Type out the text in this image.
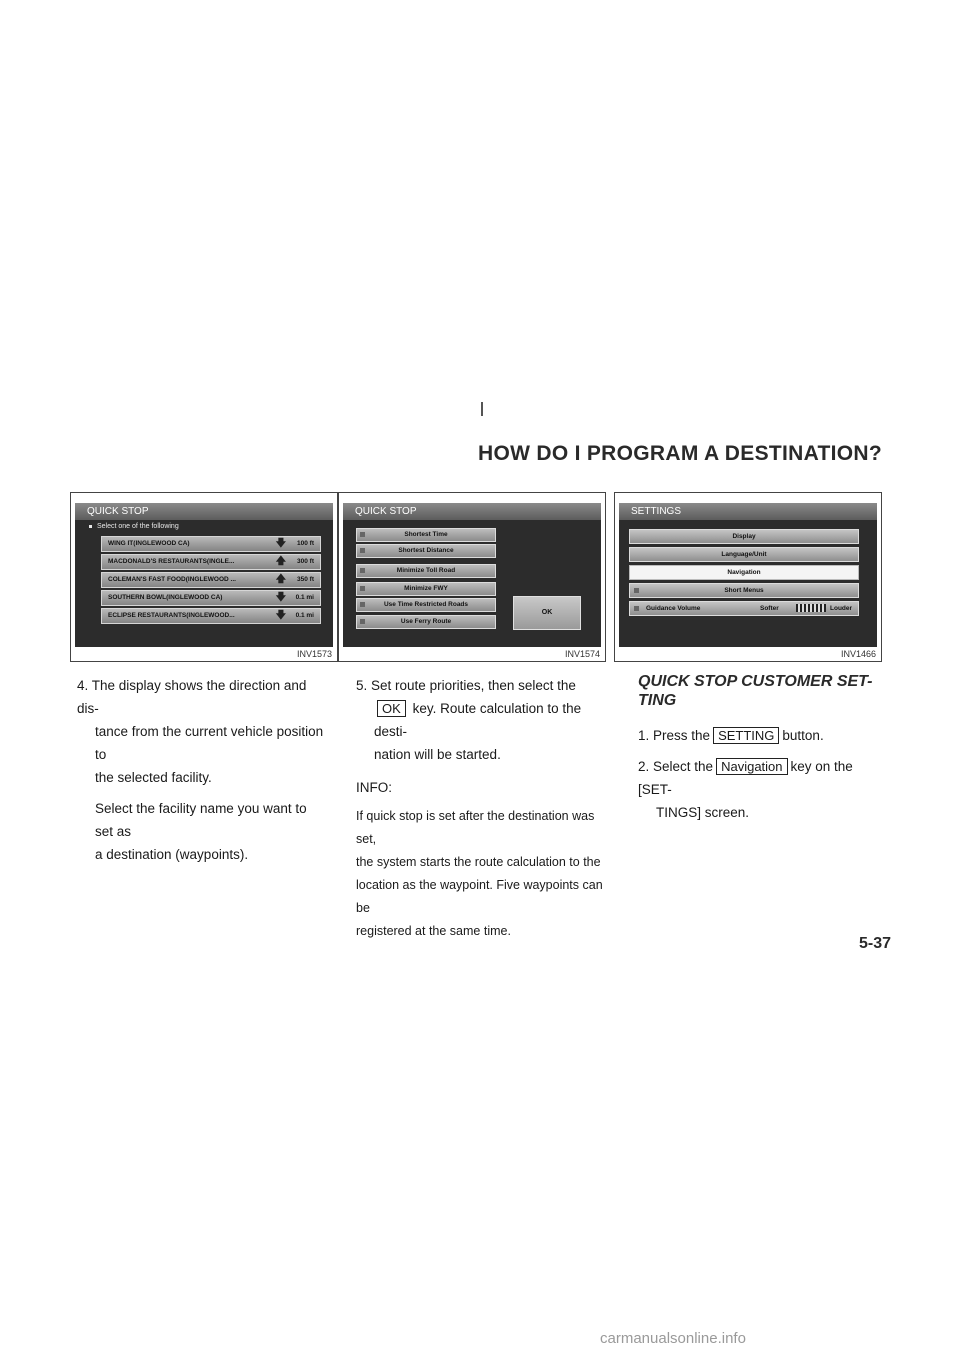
HOW DO I PROGRAM A DESTINATION?
QUICK STOP
Select one of the following
WING IT(INGLEWOOD CA)	🡇 100 ft
MACDONALD'S RESTAURANTS(INGLE...	🡅 300 ft
COLEMAN'S FAST FOOD(INGLEWOOD ...	🡅 350 ft
SOUTHERN BOWL(INGLEWOOD CA)	🡇 0.1 mi
ECLIPSE RESTAURANTS(INGLEWOOD...	🡇 0.1 mi
INV1573
QUICK STOP
Shortest Time
Shortest Distance
Minimize Toll Road
Minimize FWY
Use Time Restricted Roads
Use Ferry Route
OK
INV1574
SETTINGS
Display
Language/Unit
Navigation
Short Menus
Guidance Volume	Softer	Louder
INV1466
4. The display shows the direction and dis-
tance from the current vehicle position to
the selected facility.
Select the facility name you want to set as
a destination (waypoints).
5. Set route priorities, then select the
OK key. Route calculation to the desti-
nation will be started.
INFO:
If quick stop is set after the destination was set,
the system starts the route calculation to the
location as the waypoint. Five waypoints can be
registered at the same time.
QUICK STOP CUSTOMER SET-
TING
1. Press the SETTING button.
2. Select the Navigation key on the [SET-
TINGS] screen.
5-37
carmanualsonline.info
